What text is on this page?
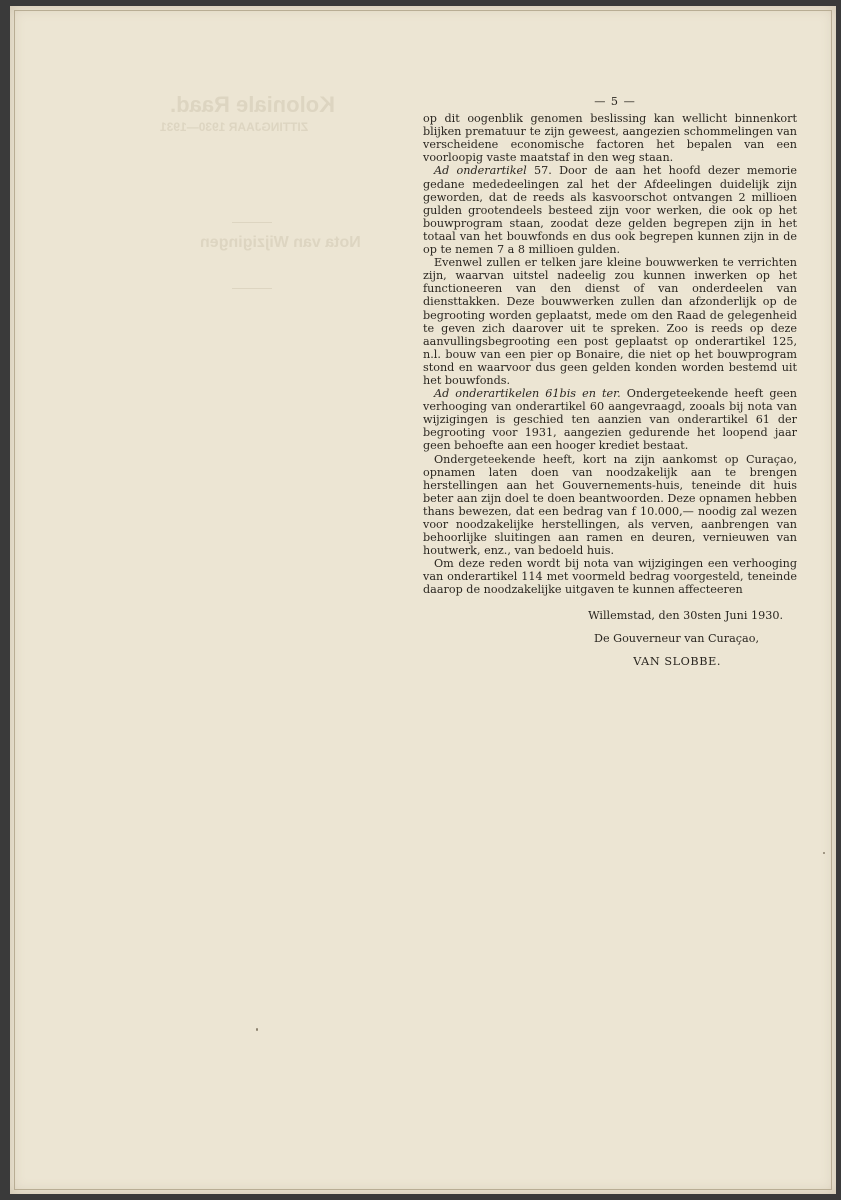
Koloniale Raad.
ZITTINGJAAR 1930—1931
Nota van Wijzigingen
— 5 —

op dit oogenblik genomen beslissing kan wellicht binnenkort blijken prematuur te zijn geweest, aangezien schommelingen van verscheidene economische factoren het bepalen van een voorloopig vaste maatstaf in den weg staan.

Ad onderartikel 57. Door de aan het hoofd dezer memorie gedane mededeelingen zal het der Afdeelingen duidelijk zijn geworden, dat de reeds als kasvoorschot ontvangen 2 millioen gulden grootendeels besteed zijn voor werken, die ook op het bouwprogram staan, zoodat deze gelden begrepen zijn in het totaal van het bouwfonds en dus ook begrepen kunnen zijn in de op te nemen 7 a 8 millioen gulden.

Evenwel zullen er telken jare kleine bouwwerken te verrichten zijn, waarvan uitstel nadeelig zou kunnen inwerken op het functioneeren van den dienst of van onderdeelen van diensttakken. Deze bouwwerken zullen dan afzonderlijk op de begrooting worden geplaatst, mede om den Raad de gelegenheid te geven zich daarover uit te spreken. Zoo is reeds op deze aanvullingsbegrooting een post geplaatst op onderartikel 125, n.l. bouw van een pier op Bonaire, die niet op het bouwprogram stond en waarvoor dus geen gelden konden worden bestemd uit het bouwfonds.

Ad onderartikelen 61bis en ter. Ondergeteekende heeft geen verhooging van onderartikel 60 aangevraagd, zooals bij nota van wijzigingen is geschied ten aanzien van onderartikel 61 der begrooting voor 1931, aangezien gedurende het loopend jaar geen behoefte aan een hooger krediet bestaat.

Ondergeteekende heeft, kort na zijn aankomst op Curaçao, opnamen laten doen van noodzakelijk aan te brengen herstellingen aan het Gouvernements-huis, teneinde dit huis beter aan zijn doel te doen beantwoorden. Deze opnamen hebben thans bewezen, dat een bedrag van f 10.000,— noodig zal wezen voor noodzakelijke herstellingen, als verven, aanbrengen van behoorlijke sluitingen aan ramen en deuren, vernieuwen van houtwerk, enz., van bedoeld huis.

Om deze reden wordt bij nota van wijzigingen een verhooging van onderartikel 114 met voormeld bedrag voorgesteld, teneinde daarop de noodzakelijke uitgaven te kunnen affecteeren

Willemstad, den 30sten Juni 1930.

De Gouverneur van Curaçao,

VAN SLOBBE.
